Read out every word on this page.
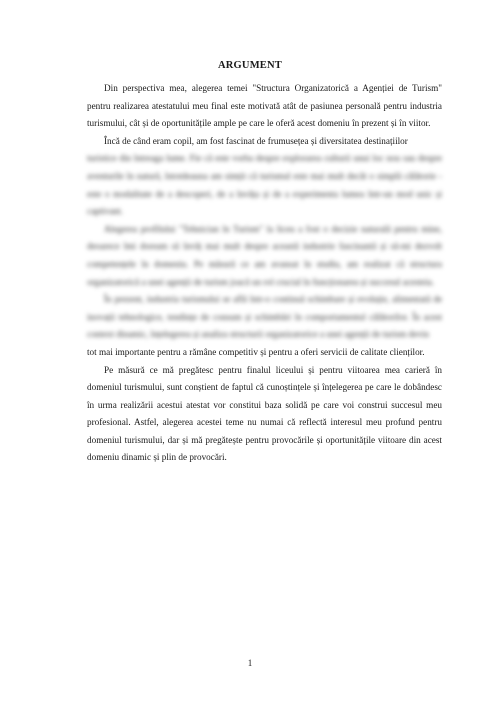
ARGUMENT

Din perspectiva mea, alegerea temei "Structura Organizatorică a Agenției de Turism" pentru realizarea atestatului meu final este motivată atât de pasiunea personală pentru industria turismului, cât și de oportunitățile ample pe care le oferă acest domeniu în prezent și în viitor.

Încă de când eram copil, am fost fascinat de frumusețea și diversitatea destinațiilor

turistice din întreaga lume. Fie că este vorba despre explorarea culturii unui loc nou sau despre aventurile în natură, întotdeauna am simțit că turismul este mai mult decât o simplă călătorie - este o modalitate de a descoperi, de a învăța și de a experimenta lumea într-un mod unic și captivant.

Alegerea profilului "Tehnician în Turism" la liceu a fost o decizie naturală pentru mine, deoarece îmi doream să învăț mai mult despre această industrie fascinantă și să-mi dezvolt competențele în domeniu. Pe măsură ce am avansat în studiu, am realizat că structura organizatorică a unei agenții de turism joacă un rol crucial în funcționarea și succesul acesteia.

În prezent, industria turismului se află într-o continuă schimbare și evoluție, alimentată de inovații tehnologice, tendințe de consum și schimbări în comportamentul călătorilor. În acest context dinamic, înțelegerea și analiza structurii organizatorice a unei agenții de turism devin

tot mai importante pentru a rămâne competitiv și pentru a oferi servicii de calitate clienților.

Pe măsură ce mă pregătesc pentru finalul liceului și pentru viitoarea mea carieră în domeniul turismului, sunt conștient de faptul că cunoștințele și înțelegerea pe care le dobândesc în urma realizării acestui atestat vor constitui baza solidă pe care voi construi succesul meu profesional. Astfel, alegerea acestei teme nu numai că reflectă interesul meu profund pentru domeniul turismului, dar și mă pregătește pentru provocările și oportunitățile viitoare din acest domeniu dinamic și plin de provocări.

1
